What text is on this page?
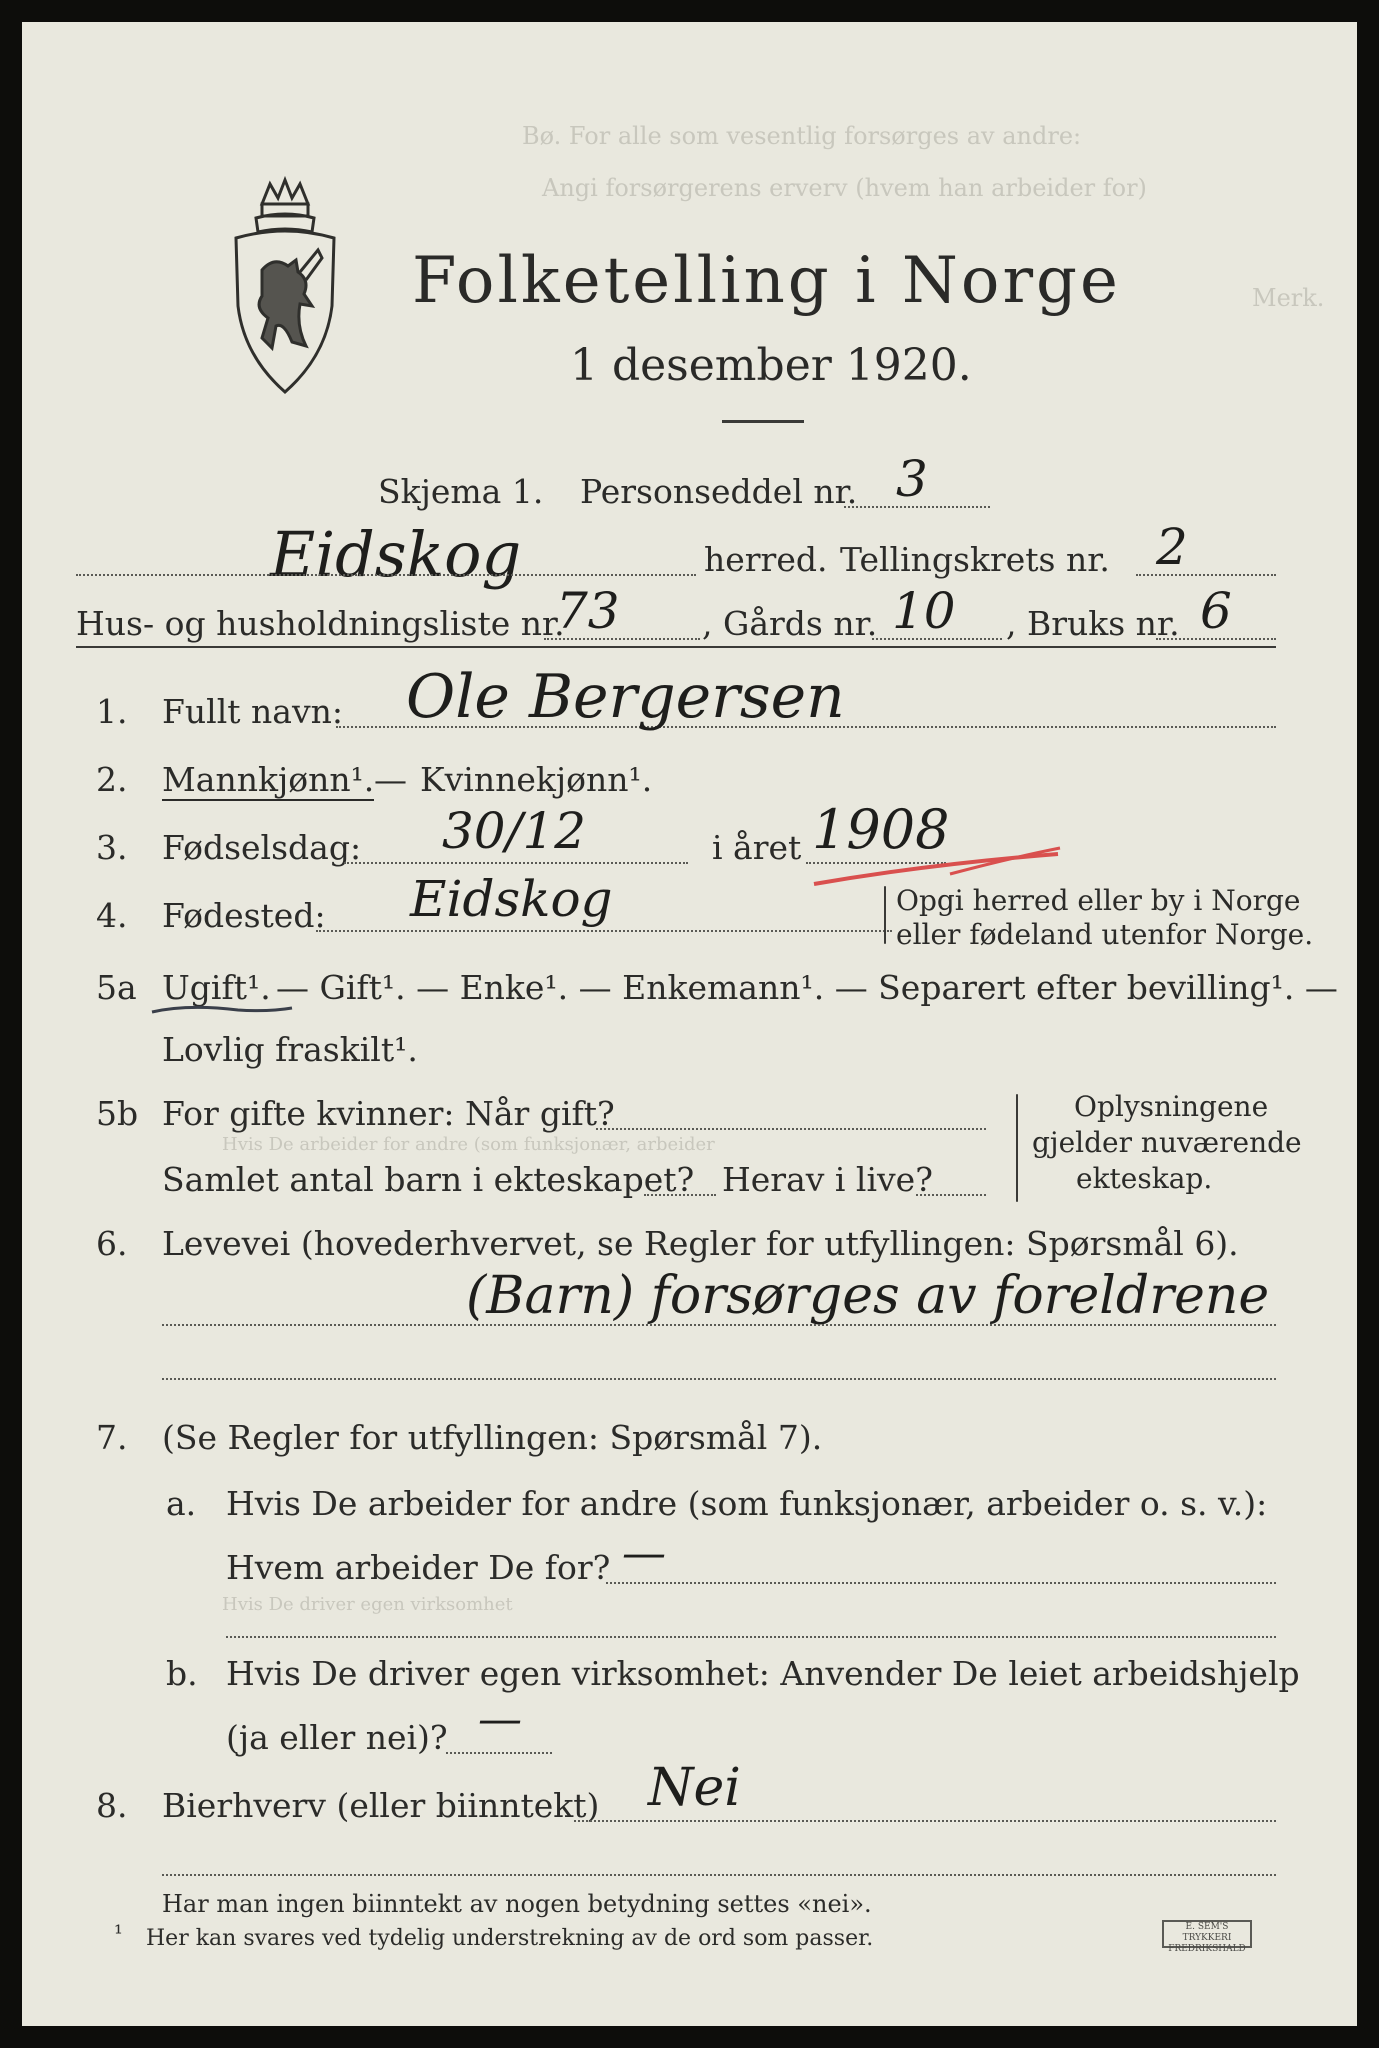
Bø. For alle som vesentlig forsørges av andre:
Angi forsørgerens erverv (hvem han arbeider for)
Merk.
Hvis De arbeider for andre (som funksjonær, arbeider
Hvis De driver egen virksomhet
Folketelling i Norge
1 desember 1920.
Skjema 1. Personseddel nr. 3
Eidskog	herred. Tellingskrets nr. 2
Hus- og husholdningsliste nr.
73 , Gårds nr. 10 , Bruks nr. 6
1. Fullt navn: Ole Bergersen
2. Mannkjønn¹. — Kvinnekjønn¹.
3. Fødselsdag: 30/12	i året 1908
4. Fødested: Eidskog	Opgi herred eller by i Norge
eller fødeland utenfor Norge.
5a Ugift¹. — Gift¹. — Enke¹. — Enkemann¹. — Separert efter bevilling¹. —
Lovlig fraskilt¹.
5b For gifte kvinner: Når gift?
Samlet antal barn i ekteskapet? Herav i live?
Oplysningene
gjelder nuværende
ekteskap.
6. Levevei (hovederhvervet, se Regler for utfyllingen: Spørsmål 6).
(Barn) forsørges av foreldrene
7. (Se Regler for utfyllingen: Spørsmål 7).
a. Hvis De arbeider for andre (som funksjonær, arbeider o. s. v.):
Hvem arbeider De for? —
b. Hvis De driver egen virksomhet: Anvender De leiet arbeidshjelp
(ja eller nei)? —
8. Bierhverv (eller biinntekt) Nei
Har man ingen biinntekt av nogen betydning settes «nei».
¹ Her kan svares ved tydelig understrekning av de ord som passer.	E. SEM'S TRYKKERI
FREDRIKSHALD
